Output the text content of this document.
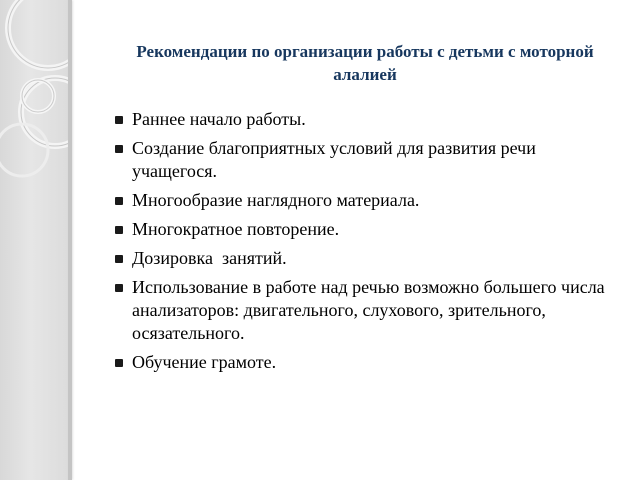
Рекомендации по организации работы с детьми с моторной алалией
Раннее начало работы.
Создание благоприятных условий для развития речи учащегося.
Многообразие наглядного материала.
Многократное повторение.
Дозировка  занятий.
Использование в работе над речью возможно большего числа анализаторов: двигательного, слухового, зрительного, осязательного.
Обучение грамоте.
